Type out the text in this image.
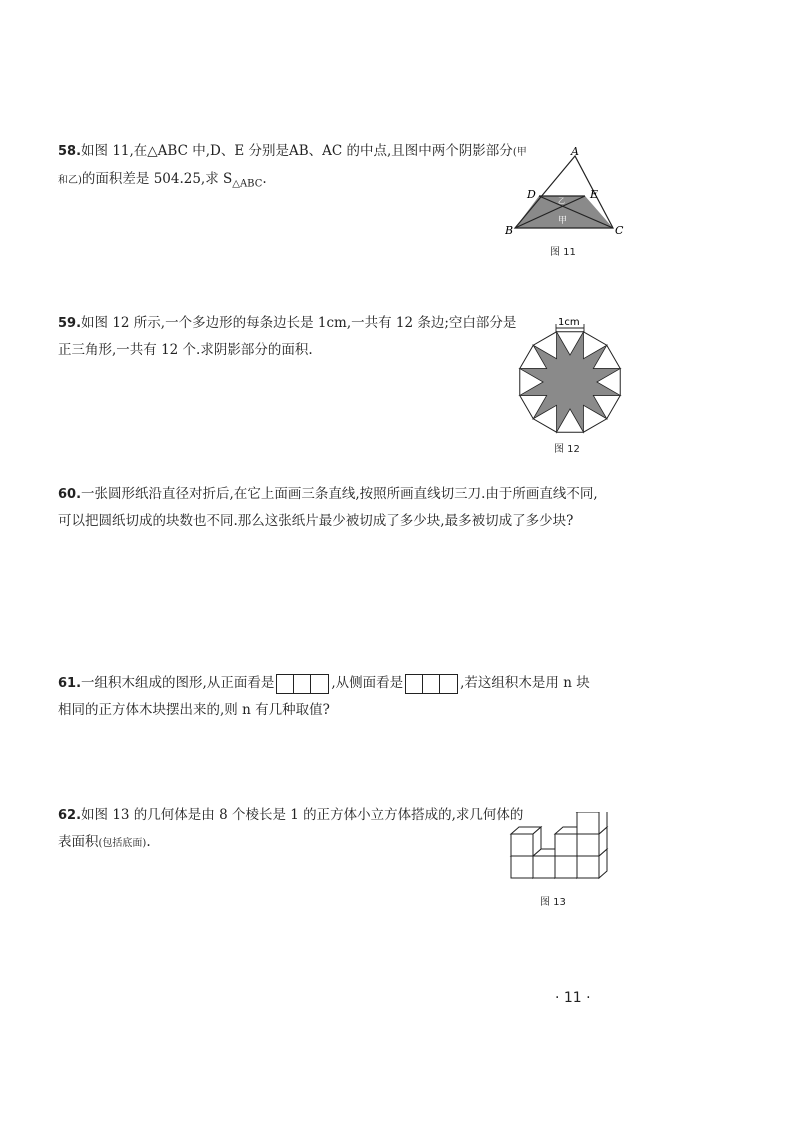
58.如图 11,在△ABC 中,D、E 分别是AB、AC 的中点,且图中两个阴影部分(甲和乙)的面积差是 504.25,求 $S_{\triangle ABC}$.
A
D	E
B	C
乙
甲
图 11
59.如图 12 所示,一个多边形的每条边长是 1cm,一共有 12 条边;空白部分是正三角形,一共有 12 个.求阴影部分的面积.
1cm
图 12
60.一张圆形纸沿直径对折后,在它上面画三条直线,按照所画直线切三刀.由于所画直线不同,可以把圆纸切成的块数也不同.那么这张纸片最少被切成了多少块,最多被切成了多少块?
61.一组积木组成的图形,从正面看是	,从侧面看是	,若这组积木是用 n 块相同的正方体木块摆出来的,则 n 有几种取值?
62.如图 13 的几何体是由 8 个棱长是 1 的正方体小立方体搭成的,求几何体的表面积(包括底面).
图 13
· 11 ·
